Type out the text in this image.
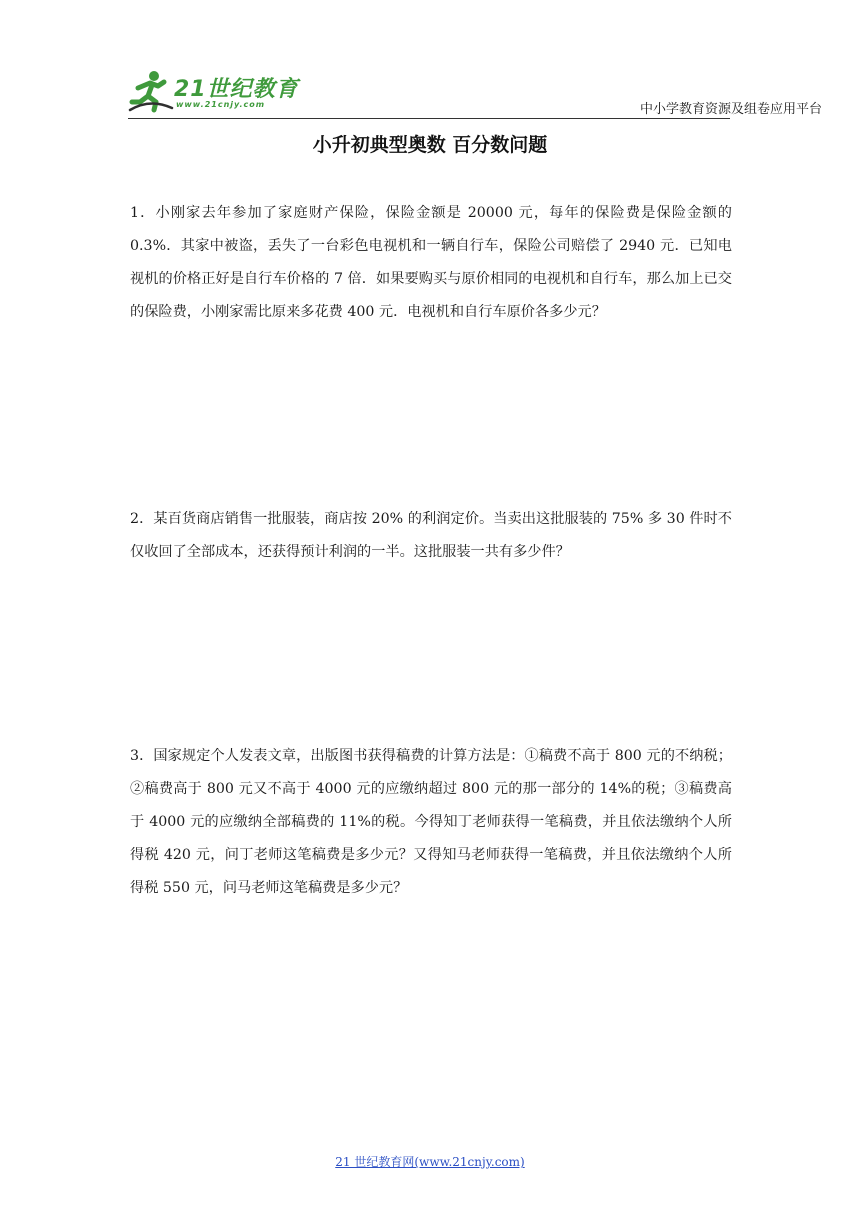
21世纪教育
www.21cnjy.com	中小学教育资源及组卷应用平台
小升初典型奥数 百分数问题
1．小刚家去年参加了家庭财产保险，保险金额是 20000 元，每年的保险费是保险金额的 0.3%．其家中被盗，丢失了一台彩色电视机和一辆自行车，保险公司赔偿了 2940 元．已知电视机的价格正好是自行车价格的 7 倍．如果要购买与原价相同的电视机和自行车，那么加上已交的保险费，小刚家需比原来多花费 400 元．电视机和自行车原价各多少元？
2．某百货商店销售一批服装，商店按 20% 的利润定价。当卖出这批服装的 75% 多 30 件时不仅收回了全部成本，还获得预计利润的一半。这批服装一共有多少件？
3．国家规定个人发表文章，出版图书获得稿费的计算方法是：①稿费不高于 800 元的不纳税；②稿费高于 800 元又不高于 4000 元的应缴纳超过 800 元的那一部分的 14%的税；③稿费高于 4000 元的应缴纳全部稿费的 11%的税。今得知丁老师获得一笔稿费，并且依法缴纳个人所得税 420 元，问丁老师这笔稿费是多少元？又得知马老师获得一笔稿费，并且依法缴纳个人所得税 550 元，问马老师这笔稿费是多少元？
21 世纪教育网(www.21cnjy.com)
